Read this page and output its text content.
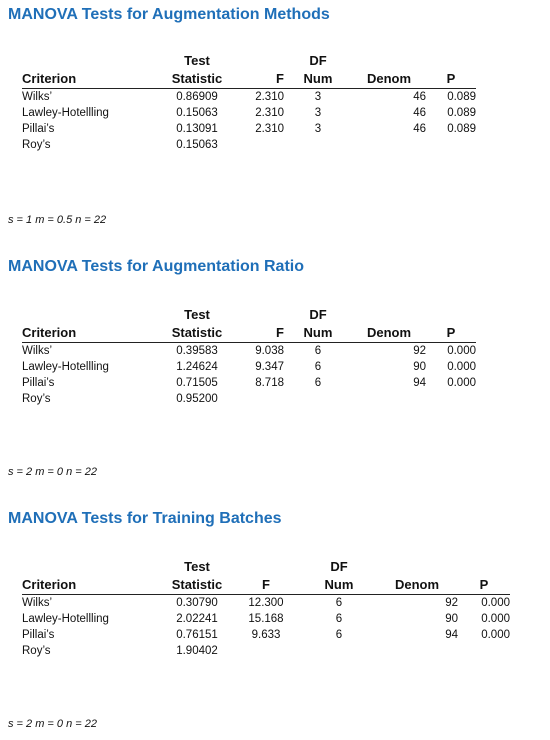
MANOVA Tests for Augmentation Methods
	Test		DF		
Criterion	Statistic	F	Num	Denom	P
Wilks’	0.86909	2.310	3	46	0.089
Lawley-Hotellling	0.15063	2.310	3	46	0.089
Pillai’s	0.13091	2.310	3	46	0.089
Roy’s	0.15063				
s = 1 m = 0.5 n = 22
MANOVA Tests for Augmentation Ratio
	Test		DF		
Criterion	Statistic	F	Num	Denom	P
Wilks’	0.39583	9.038	6	92	0.000
Lawley-Hotellling	1.24624	9.347	6	90	0.000
Pillai’s	0.71505	8.718	6	94	0.000
Roy’s	0.95200				
s = 2 m = 0 n = 22
MANOVA Tests for Training Batches
	Test		DF		
Criterion	Statistic	F	Num	Denom	P
Wilks’	0.30790	12.300	6	92	0.000
Lawley-Hotellling	2.02241	15.168	6	90	0.000
Pillai’s	0.76151	9.633	6	94	0.000
Roy’s	1.90402				
s = 2 m = 0 n = 22
